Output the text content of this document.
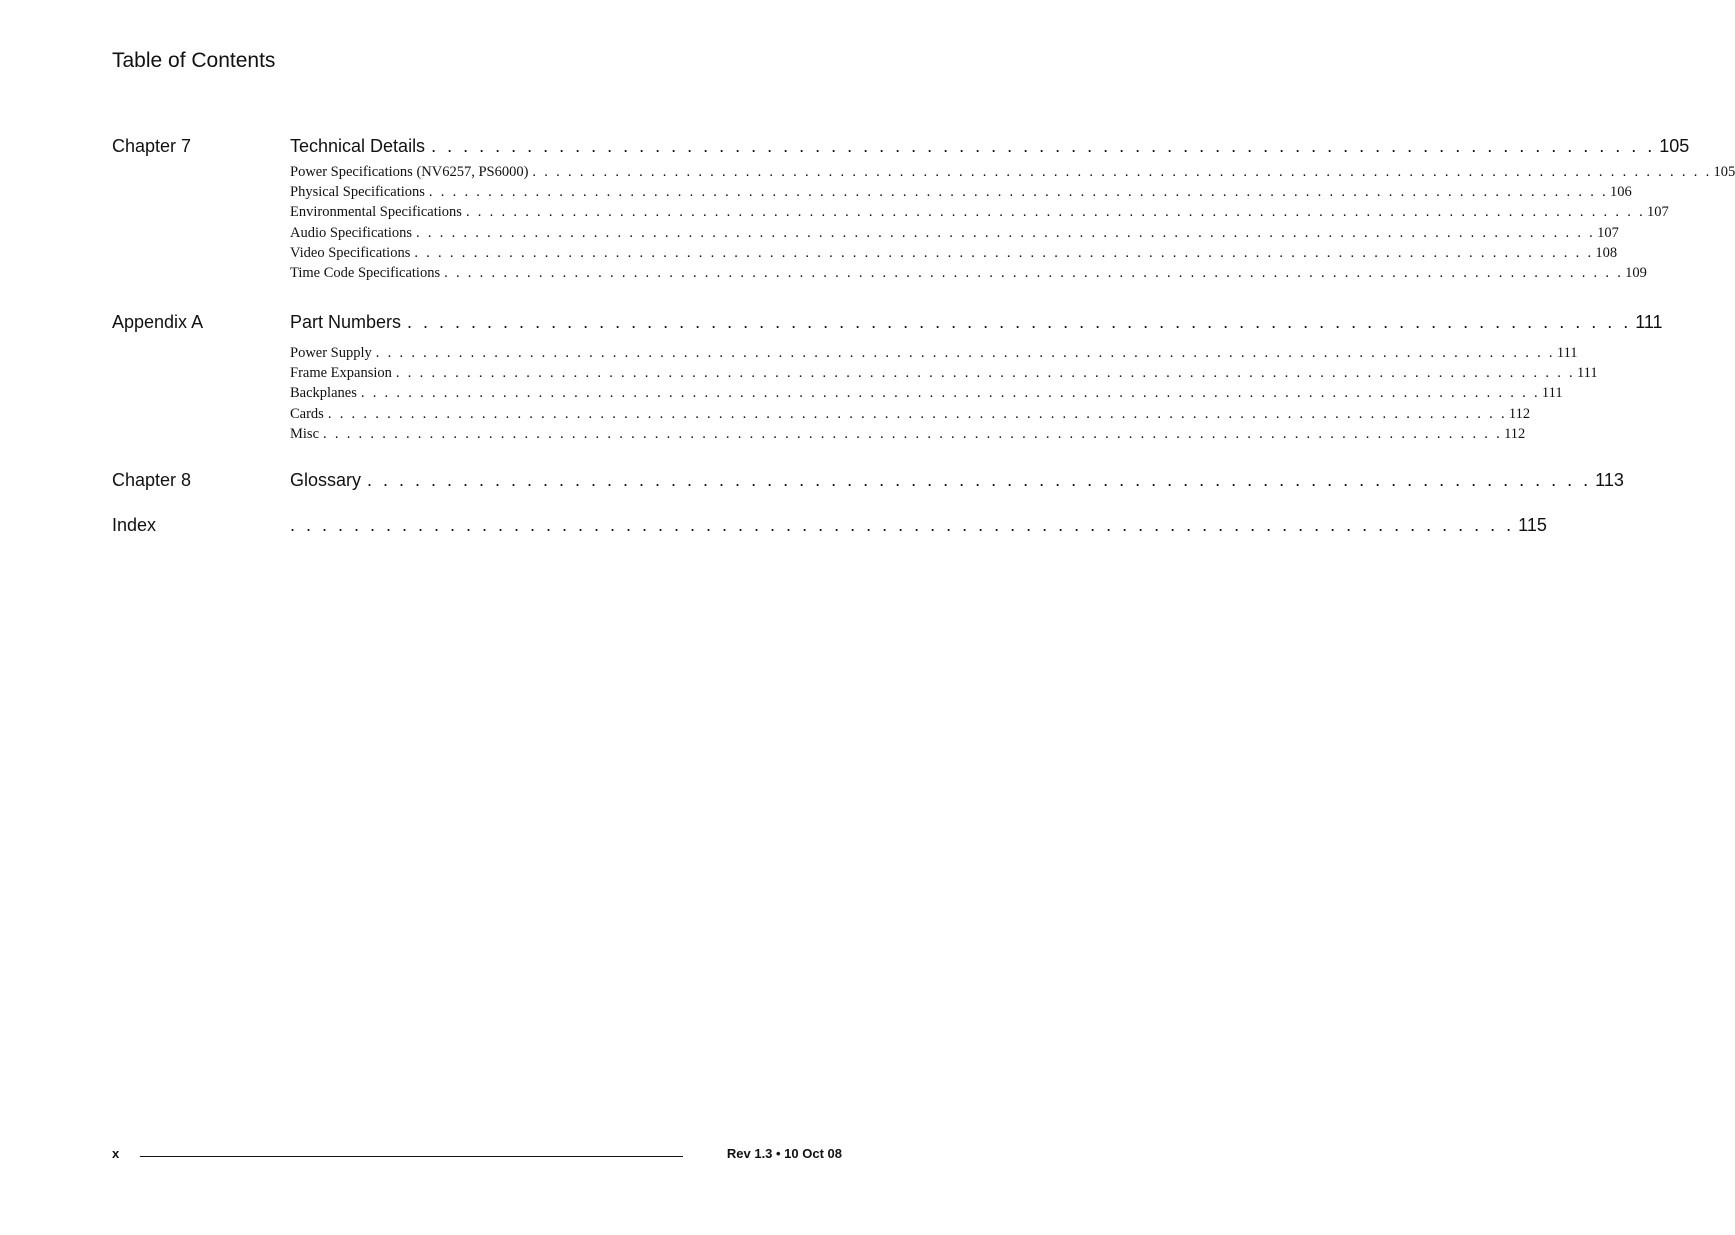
Table of Contents
Chapter 7	Technical Details . . . . . . . . . . . . . . . . . . . . . . . . . . . . . . . . . . . . . . . . . . . . . . . . . . . . . . . . . . . . . . . . . . . . . . . . . . . . . 105
Power Specifications (NV6257, PS6000) . . . . . . . . . . . . . . . . . . . . . . . . . . . . . . . . . . . . . . . . . . . . . . . . . . . . . . . . . . . . . . . . . . . . . . . . . . . . . . . . . . . . . . . . . . . . . . . . . . . . 105
Physical Specifications . . . . . . . . . . . . . . . . . . . . . . . . . . . . . . . . . . . . . . . . . . . . . . . . . . . . . . . . . . . . . . . . . . . . . . . . . . . . . . . . . . . . . . . . . . . . . . . . . . . . 106
Environmental Specifications . . . . . . . . . . . . . . . . . . . . . . . . . . . . . . . . . . . . . . . . . . . . . . . . . . . . . . . . . . . . . . . . . . . . . . . . . . . . . . . . . . . . . . . . . . . . . . . . . . . . 107
Audio Specifications . . . . . . . . . . . . . . . . . . . . . . . . . . . . . . . . . . . . . . . . . . . . . . . . . . . . . . . . . . . . . . . . . . . . . . . . . . . . . . . . . . . . . . . . . . . . . . . . . . . . 107
Video Specifications . . . . . . . . . . . . . . . . . . . . . . . . . . . . . . . . . . . . . . . . . . . . . . . . . . . . . . . . . . . . . . . . . . . . . . . . . . . . . . . . . . . . . . . . . . . . . . . . . . . . 108
Time Code Specifications . . . . . . . . . . . . . . . . . . . . . . . . . . . . . . . . . . . . . . . . . . . . . . . . . . . . . . . . . . . . . . . . . . . . . . . . . . . . . . . . . . . . . . . . . . . . . . . . . . . . 109
Appendix A	Part Numbers . . . . . . . . . . . . . . . . . . . . . . . . . . . . . . . . . . . . . . . . . . . . . . . . . . . . . . . . . . . . . . . . . . . . . . . . . . . . . 111
Power Supply . . . . . . . . . . . . . . . . . . . . . . . . . . . . . . . . . . . . . . . . . . . . . . . . . . . . . . . . . . . . . . . . . . . . . . . . . . . . . . . . . . . . . . . . . . . . . . . . . . . . 111
Frame Expansion . . . . . . . . . . . . . . . . . . . . . . . . . . . . . . . . . . . . . . . . . . . . . . . . . . . . . . . . . . . . . . . . . . . . . . . . . . . . . . . . . . . . . . . . . . . . . . . . . . . . 111
Backplanes . . . . . . . . . . . . . . . . . . . . . . . . . . . . . . . . . . . . . . . . . . . . . . . . . . . . . . . . . . . . . . . . . . . . . . . . . . . . . . . . . . . . . . . . . . . . . . . . . . . . 111
Cards . . . . . . . . . . . . . . . . . . . . . . . . . . . . . . . . . . . . . . . . . . . . . . . . . . . . . . . . . . . . . . . . . . . . . . . . . . . . . . . . . . . . . . . . . . . . . . . . . . . . 112
Misc . . . . . . . . . . . . . . . . . . . . . . . . . . . . . . . . . . . . . . . . . . . . . . . . . . . . . . . . . . . . . . . . . . . . . . . . . . . . . . . . . . . . . . . . . . . . . . . . . . . . 112
Chapter 8	Glossary . . . . . . . . . . . . . . . . . . . . . . . . . . . . . . . . . . . . . . . . . . . . . . . . . . . . . . . . . . . . . . . . . . . . . . . . . . . . . 113
Index	. . . . . . . . . . . . . . . . . . . . . . . . . . . . . . . . . . . . . . . . . . . . . . . . . . . . . . . . . . . . . . . . . . . . . . . . . . . . . 115
x	Rev 1.3 • 10 Oct 08
